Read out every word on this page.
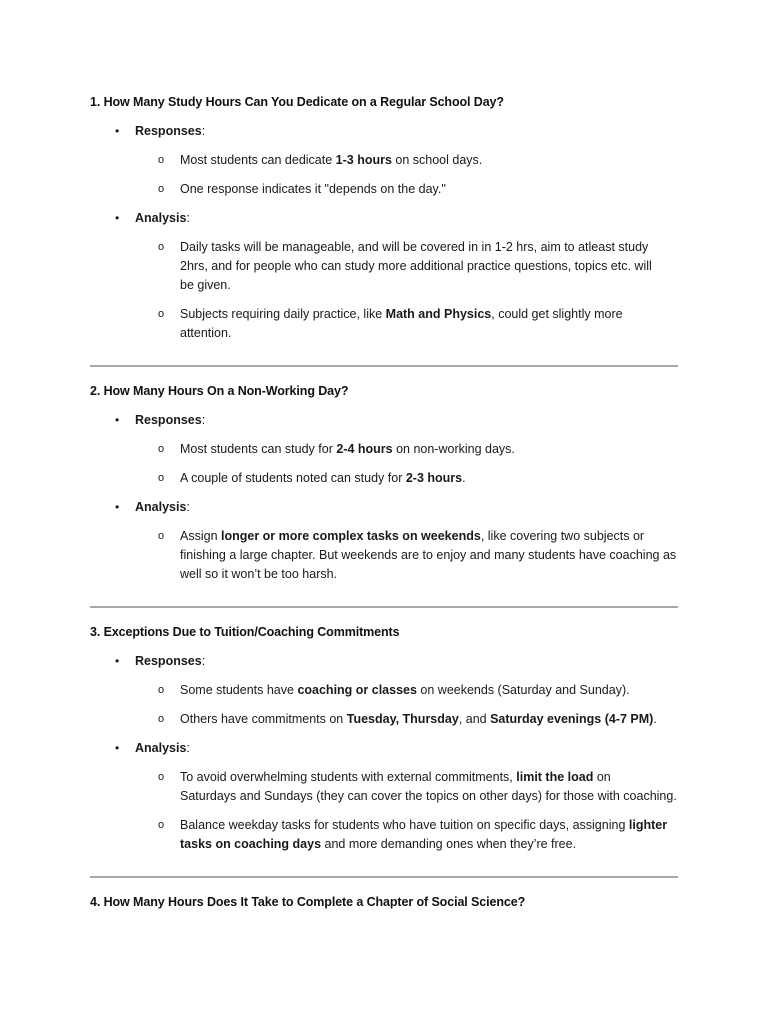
1. How Many Study Hours Can You Dedicate on a Regular School Day?

• Responses:

o Most students can dedicate 1-3 hours on school days.

o One response indicates it "depends on the day."

• Analysis:

o Daily tasks will be manageable, and will be covered in in 1-2 hrs, aim to atleast study
2hrs, and for people who can study more additional practice questions, topics etc. will
be given.

o Subjects requiring daily practice, like Math and Physics, could get slightly more
attention.

2. How Many Hours On a Non-Working Day?

• Responses:

o Most students can study for 2-4 hours on non-working days.

o A couple of students noted can study for 2-3 hours.

• Analysis:

o Assign longer or more complex tasks on weekends, like covering two subjects or
finishing a large chapter. But weekends are to enjoy and many students have coaching as
well so it won’t be too harsh.

3. Exceptions Due to Tuition/Coaching Commitments

• Responses:

o Some students have coaching or classes on weekends (Saturday and Sunday).

o Others have commitments on Tuesday, Thursday, and Saturday evenings (4-7 PM).

• Analysis:

o To avoid overwhelming students with external commitments, limit the load on
Saturdays and Sundays (they can cover the topics on other days) for those with coaching.

o Balance weekday tasks for students who have tuition on specific days, assigning lighter
tasks on coaching days and more demanding ones when they’re free.

4. How Many Hours Does It Take to Complete a Chapter of Social Science?
